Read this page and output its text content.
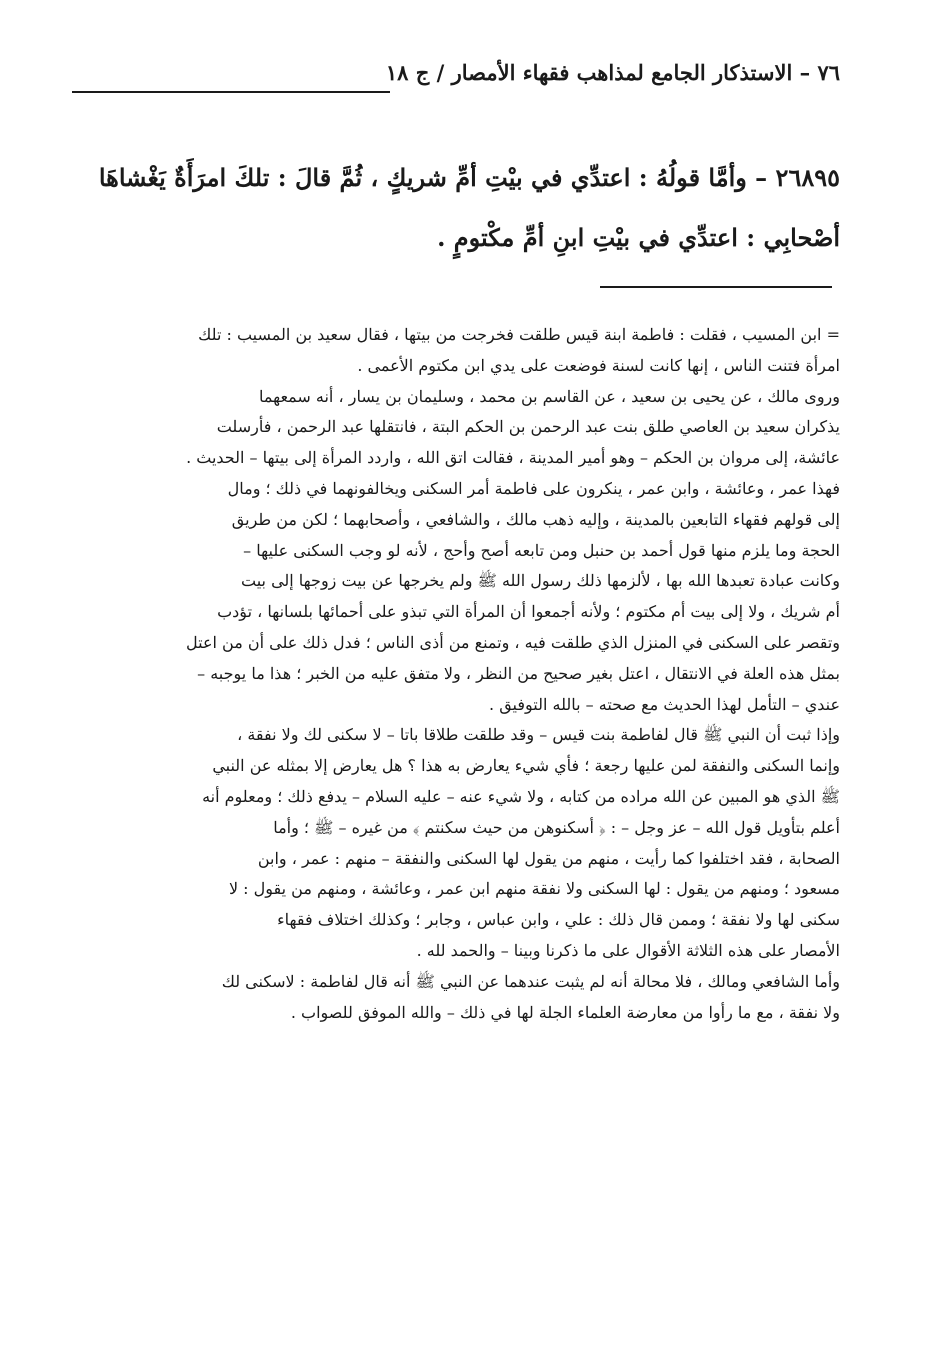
٧٦ – الاستذكار الجامع لمذاهب فقهاء الأمصار / ج ١٨
٢٦٨٩٥ – وأمَّا قولُهُ : اعتدِّي في بيْتِ أمِّ شريكٍ ، ثُمَّ قالَ : تلكَ امرَأَةٌ يَغْشاهَا
أصْحابِي : اعتدِّي في بيْتِ ابنِ أمِّ مكْتومٍ .
= ابن المسيب ، فقلت : فاطمة ابنة قيس طلقت فخرجت من بيتها ، فقال سعيد بن المسيب : تلك
امرأة فتنت الناس ، إنها كانت لسنة فوضعت على يدي ابن مكتوم الأعمى .
وروى مالك ، عن يحيى بن سعيد ، عن القاسم بن محمد ، وسليمان بن يسار ، أنه سمعهما
يذكران سعيد بن العاصي طلق بنت عبد الرحمن بن الحكم البتة ، فانتقلها عبد الرحمن ، فأرسلت
عائشة، إلى مروان بن الحكم – وهو أمير المدينة ، فقالت اتق الله ، واردد المرأة إلى بيتها – الحديث .
فهذا عمر ، وعائشة ، وابن عمر ، ينكرون على فاطمة أمر السكنى ويخالفونهما في ذلك ؛ ومال
إلى قولهم فقهاء التابعين بالمدينة ، وإليه ذهب مالك ، والشافعي ، وأصحابهما ؛ لكن من طريق
الحجة وما يلزم منها قول أحمد بن حنبل ومن تابعه أصح وأحج ، لأنه لو وجب السكنى عليها –
وكانت عبادة تعبدها الله بها ، لألزمها ذلك رسول الله ﷺ ولم يخرجها عن بيت زوجها إلى بيت
أم شريك ، ولا إلى بيت أم مكتوم ؛ ولأنه أجمعوا أن المرأة التي تبذو على أحمائها بلسانها ، تؤدب
وتقصر على السكنى في المنزل الذي طلقت فيه ، وتمنع من أذى الناس ؛ فدل ذلك على أن من اعتل
بمثل هذه العلة في الانتقال ، اعتل بغير صحيح من النظر ، ولا متفق عليه من الخبر ؛ هذا ما يوجبه –
عندي – التأمل لهذا الحديث مع صحته – بالله التوفيق .
وإذا ثبت أن النبي ﷺ قال لفاطمة بنت قيس – وقد طلقت طلاقا باتا – لا سكنى لك ولا نفقة ،
وإنما السكنى والنفقة لمن عليها رجعة ؛ فأي شيء يعارض به هذا ؟ هل يعارض إلا بمثله عن النبي
ﷺ الذي هو المبين عن الله مراده من كتابه ، ولا شيء عنه – عليه السلام – يدفع ذلك ؛ ومعلوم أنه
أعلم بتأويل قول الله – عز وجل – : ﴿ أسكنوهن من حيث سكنتم ﴾ من غيره – ﷺ ؛ وأما
الصحابة ، فقد اختلفوا كما رأيت ، منهم من يقول لها السكنى والنفقة – منهم : عمر ، وابن
مسعود ؛ ومنهم من يقول : لها السكنى ولا نفقة منهم ابن عمر ، وعائشة ، ومنهم من يقول : لا
سكنى لها ولا نفقة ؛ وممن قال ذلك : علي ، وابن عباس ، وجابر ؛ وكذلك اختلاف فقهاء
الأمصار على هذه الثلاثة الأقوال على ما ذكرنا وبينا – والحمد لله .
وأما الشافعي ومالك ، فلا محالة أنه لم يثبت عندهما عن النبي ﷺ أنه قال لفاطمة : لاسكنى لك
ولا نفقة ، مع ما رأوا من معارضة العلماء الجلة لها في ذلك – والله الموفق للصواب .
